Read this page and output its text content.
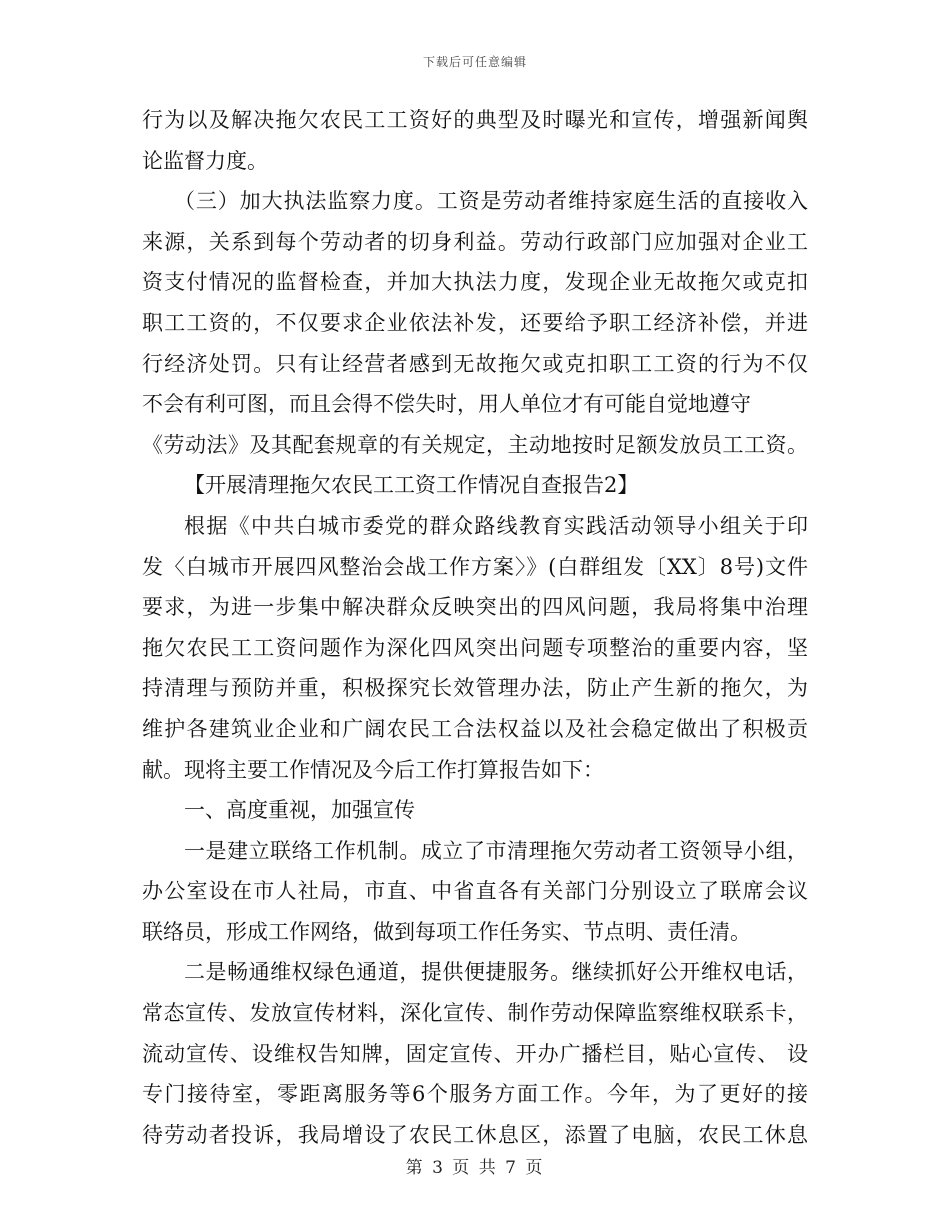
下载后可任意编辑
行为以及解决拖欠农民工工资好的典型及时曝光和宣传，增强新闻舆
论监督力度。
（三）加大执法监察力度。工资是劳动者维持家庭生活的直接收入
来源，关系到每个劳动者的切身利益。劳动行政部门应加强对企业工
资支付情况的监督检查，并加大执法力度，发现企业无故拖欠或克扣
职工工资的，不仅要求企业依法补发，还要给予职工经济补偿，并进
行经济处罚。只有让经营者感到无故拖欠或克扣职工工资的行为不仅
不会有利可图，而且会得不偿失时，用人单位才有可能自觉地遵守
《劳动法》及其配套规章的有关规定，主动地按时足额发放员工工资。
【开展清理拖欠农民工工资工作情况自查报告2】
根据《中共白城市委党的群众路线教育实践活动领导小组关于印
发〈白城市开展四风整治会战工作方案〉》(白群组发〔XX〕8号)文件
要求，为进一步集中解决群众反映突出的四风问题，我局将集中治理
拖欠农民工工资问题作为深化四风突出问题专项整治的重要内容，坚
持清理与预防并重，积极探究长效管理办法，防止产生新的拖欠，为
维护各建筑业企业和广阔农民工合法权益以及社会稳定做出了积极贡
献。现将主要工作情况及今后工作打算报告如下：
一、高度重视，加强宣传
一是建立联络工作机制。成立了市清理拖欠劳动者工资领导小组，
办公室设在市人社局，市直、中省直各有关部门分别设立了联席会议
联络员，形成工作网络，做到每项工作任务实、节点明、责任清。
二是畅通维权绿色通道，提供便捷服务。继续抓好公开维权电话，
常态宣传、发放宣传材料，深化宣传、制作劳动保障监察维权联系卡，
流动宣传、设维权告知牌，固定宣传、开办广播栏目，贴心宣传、 设
专门接待室，零距离服务等6个服务方面工作。今年，为了更好的接
待劳动者投诉，我局增设了农民工休息区，添置了电脑，农民工休息
第 3 页 共 7 页
